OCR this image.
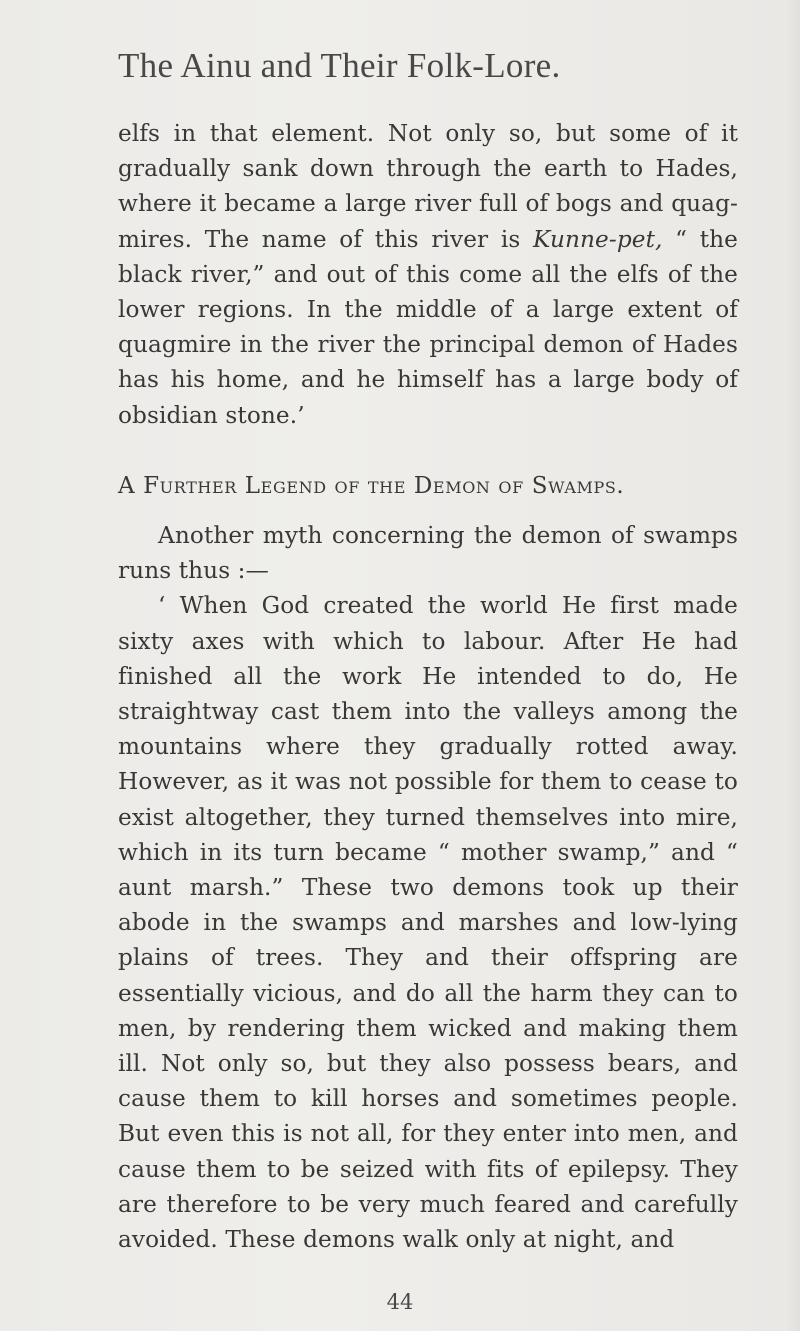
The Ainu and Their Folk-Lore.

elfs in that element. Not only so, but some of it gradually sank down through the earth to Hades, where it became a large river full of bogs and quag-mires. The name of this river is Kunne-pet, “ the black river,” and out of this come all the elfs of the lower regions. In the middle of a large extent of quagmire in the river the principal demon of Hades has his home, and he himself has a large body of obsidian stone.’

A Further Legend of the Demon of Swamps.

Another myth concerning the demon of swamps runs thus :—

‘ When God created the world He first made sixty axes with which to labour. After He had finished all the work He intended to do, He straightway cast them into the valleys among the mountains where they gradually rotted away. However, as it was not possible for them to cease to exist altogether, they turned themselves into mire, which in its turn became “ mother swamp,” and “ aunt marsh.” These two demons took up their abode in the swamps and marshes and low-lying plains of trees. They and their offspring are essentially vicious, and do all the harm they can to men, by rendering them wicked and making them ill. Not only so, but they also possess bears, and cause them to kill horses and sometimes people. But even this is not all, for they enter into men, and cause them to be seized with fits of epilepsy. They are therefore to be very much feared and carefully avoided. These demons walk only at night, and

44
